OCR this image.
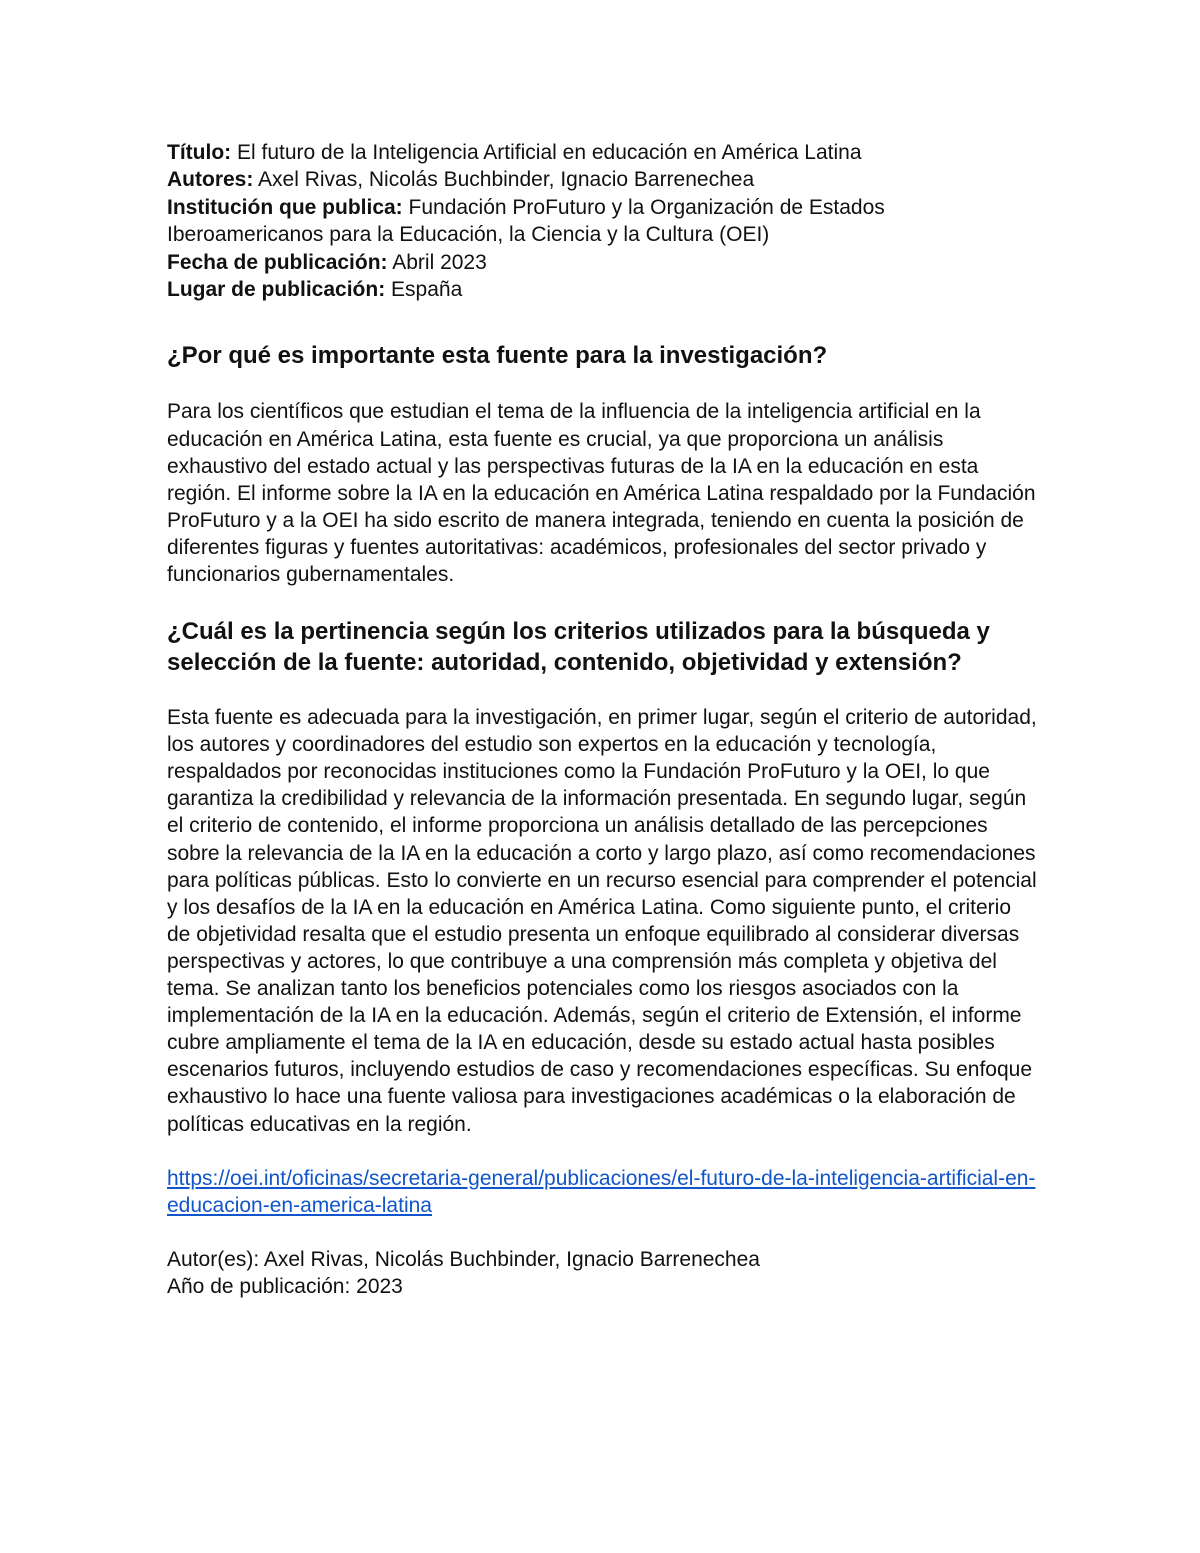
Título: El futuro de la Inteligencia Artificial en educación en América Latina
Autores: Axel Rivas, Nicolás Buchbinder, Ignacio Barrenechea
Institución que publica: Fundación ProFuturo y la Organización de Estados Iberoamericanos para la Educación, la Ciencia y la Cultura (OEI)
Fecha de publicación: Abril 2023
Lugar de publicación: España
¿Por qué es importante esta fuente para la investigación?

Para los científicos que estudian el tema de la influencia de la inteligencia artificial en la educación en América Latina, esta fuente es crucial, ya que proporciona un análisis exhaustivo del estado actual y las perspectivas futuras de la IA en la educación en esta región. El informe sobre la IA en la educación en América Latina respaldado por la Fundación ProFuturo y a la OEI ha sido escrito de manera integrada, teniendo en cuenta la posición de diferentes figuras y fuentes autoritativas: académicos, profesionales del sector privado y funcionarios gubernamentales.

¿Cuál es la pertinencia según los criterios utilizados para la búsqueda y selección de la fuente: autoridad, contenido, objetividad y extensión?

Esta fuente es adecuada para la investigación, en primer lugar, según el criterio de autoridad, los autores y coordinadores del estudio son expertos en la educación y tecnología, respaldados por reconocidas instituciones como la Fundación ProFuturo y la OEI, lo que garantiza la credibilidad y relevancia de la información presentada. En segundo lugar, según el criterio de contenido, el informe proporciona un análisis detallado de las percepciones sobre la relevancia de la IA en la educación a corto y largo plazo, así como recomendaciones para políticas públicas. Esto lo convierte en un recurso esencial para comprender el potencial y los desafíos de la IA en la educación en América Latina. Como siguiente punto, el criterio de objetividad resalta que el estudio presenta un enfoque equilibrado al considerar diversas perspectivas y actores, lo que contribuye a una comprensión más completa y objetiva del tema. Se analizan tanto los beneficios potenciales como los riesgos asociados con la implementación de la IA en la educación. Además, según el criterio de Extensión, el informe cubre ampliamente el tema de la IA en educación, desde su estado actual hasta posibles escenarios futuros, incluyendo estudios de caso y recomendaciones específicas. Su enfoque exhaustivo lo hace una fuente valiosa para investigaciones académicas o la elaboración de políticas educativas en la región.

https://oei.int/oficinas/secretaria-general/publicaciones/el-futuro-de-la-inteligencia-artificial-en-educacion-en-america-latina
Autor(es): Axel Rivas, Nicolás Buchbinder, Ignacio Barrenechea
Año de publicación: 2023
